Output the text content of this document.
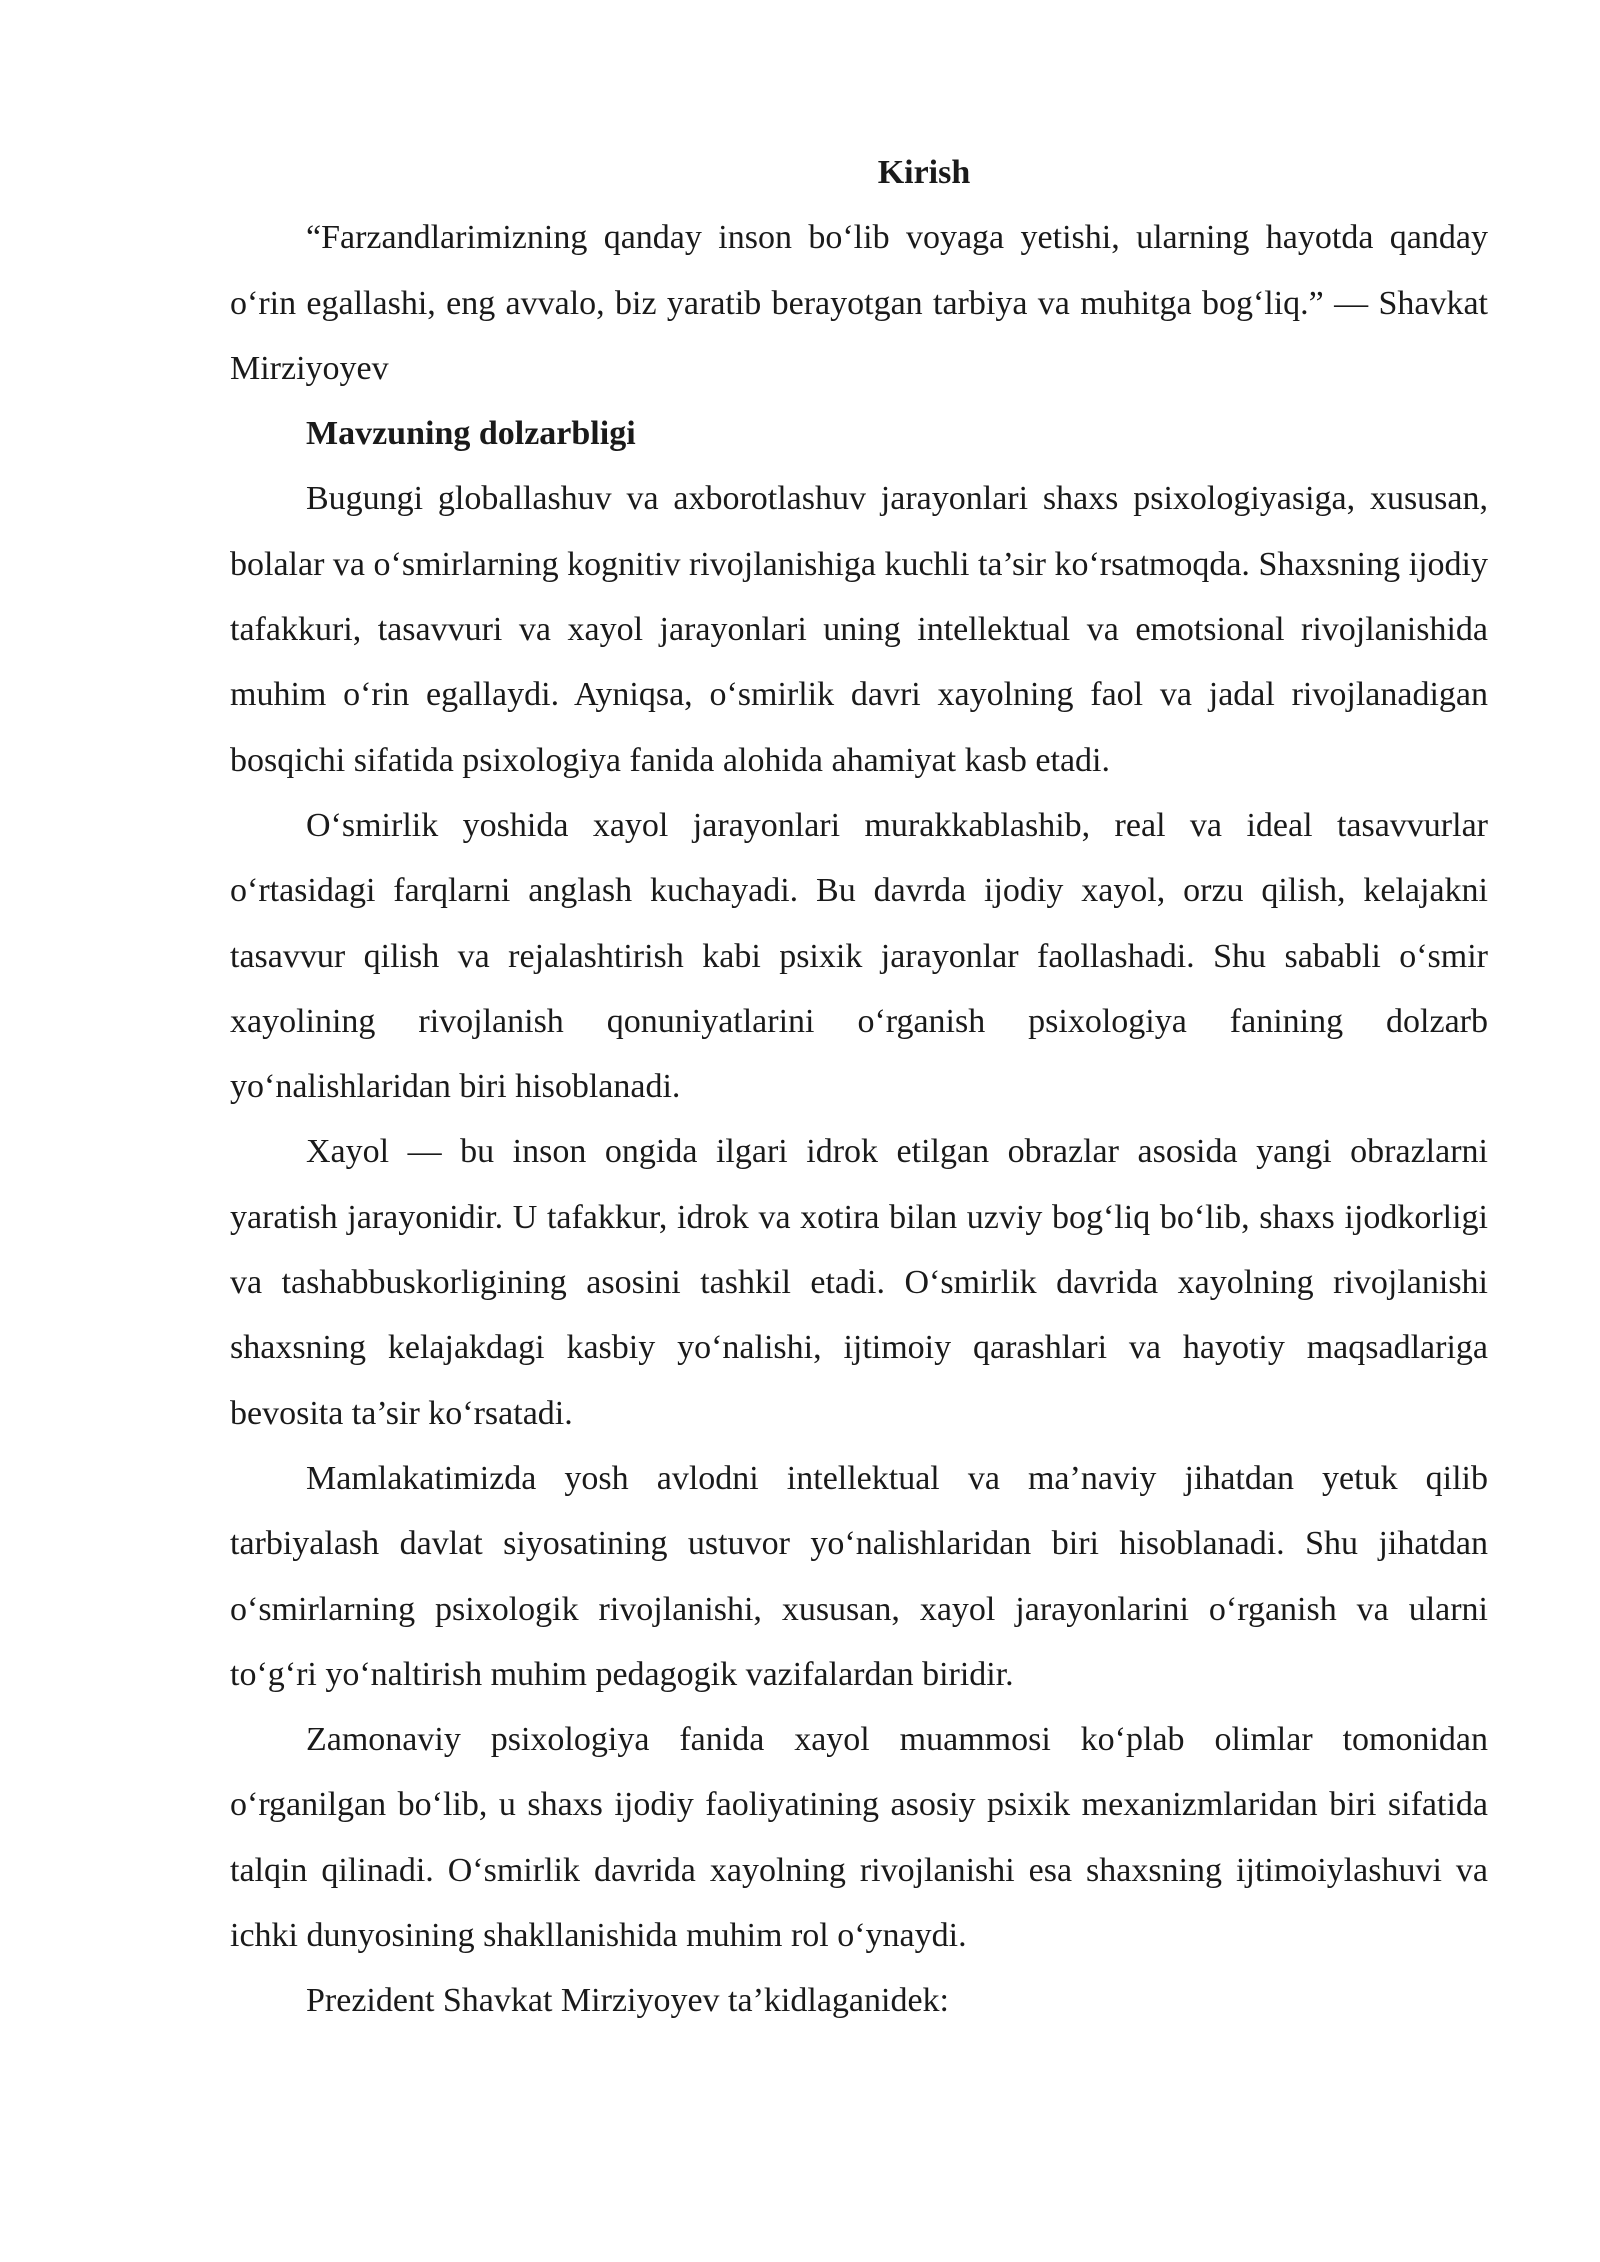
Kirish

“Farzandlarimizning qanday inson bo‘lib voyaga yetishi, ularning hayotda qanday o‘rin egallashi, eng avvalo, biz yaratib berayotgan tarbiya va muhitga bog‘liq.” — Shavkat Mirziyoyev

Mavzuning dolzarbligi

Bugungi globallashuv va axborotlashuv jarayonlari shaxs psixologiyasiga, xususan, bolalar va o‘smirlarning kognitiv rivojlanishiga kuchli ta’sir ko‘rsatmoqda. Shaxsning ijodiy tafakkuri, tasavvuri va xayol jarayonlari uning intellektual va emotsional rivojlanishida muhim o‘rin egallaydi. Ayniqsa, o‘smirlik davri xayolning faol va jadal rivojlanadigan bosqichi sifatida psixologiya fanida alohida ahamiyat kasb etadi.

O‘smirlik yoshida xayol jarayonlari murakkablashib, real va ideal tasavvurlar o‘rtasidagi farqlarni anglash kuchayadi. Bu davrda ijodiy xayol, orzu qilish, kelajakni tasavvur qilish va rejalashtirish kabi psixik jarayonlar faollashadi. Shu sababli o‘smir xayolining rivojlanish qonuniyatlarini o‘rganish psixologiya fanining dolzarb yo‘nalishlaridan biri hisoblanadi.

Xayol — bu inson ongida ilgari idrok etilgan obrazlar asosida yangi obrazlarni yaratish jarayonidir. U tafakkur, idrok va xotira bilan uzviy bog‘liq bo‘lib, shaxs ijodkorligi va tashabbuskorligining asosini tashkil etadi. O‘smirlik davrida xayolning rivojlanishi shaxsning kelajakdagi kasbiy yo‘nalishi, ijtimoiy qarashlari va hayotiy maqsadlariga bevosita ta’sir ko‘rsatadi.

Mamlakatimizda yosh avlodni intellektual va ma’naviy jihatdan yetuk qilib tarbiyalash davlat siyosatining ustuvor yo‘nalishlaridan biri hisoblanadi. Shu jihatdan o‘smirlarning psixologik rivojlanishi, xususan, xayol jarayonlarini o‘rganish va ularni to‘g‘ri yo‘naltirish muhim pedagogik vazifalardan biridir.

Zamonaviy psixologiya fanida xayol muammosi ko‘plab olimlar tomonidan o‘rganilgan bo‘lib, u shaxs ijodiy faoliyatining asosiy psixik mexanizmlaridan biri sifatida talqin qilinadi. O‘smirlik davrida xayolning rivojlanishi esa shaxsning ijtimoiylashuvi va ichki dunyosining shakllanishida muhim rol o‘ynaydi.

Prezident Shavkat Mirziyoyev ta’kidlaganidek:
